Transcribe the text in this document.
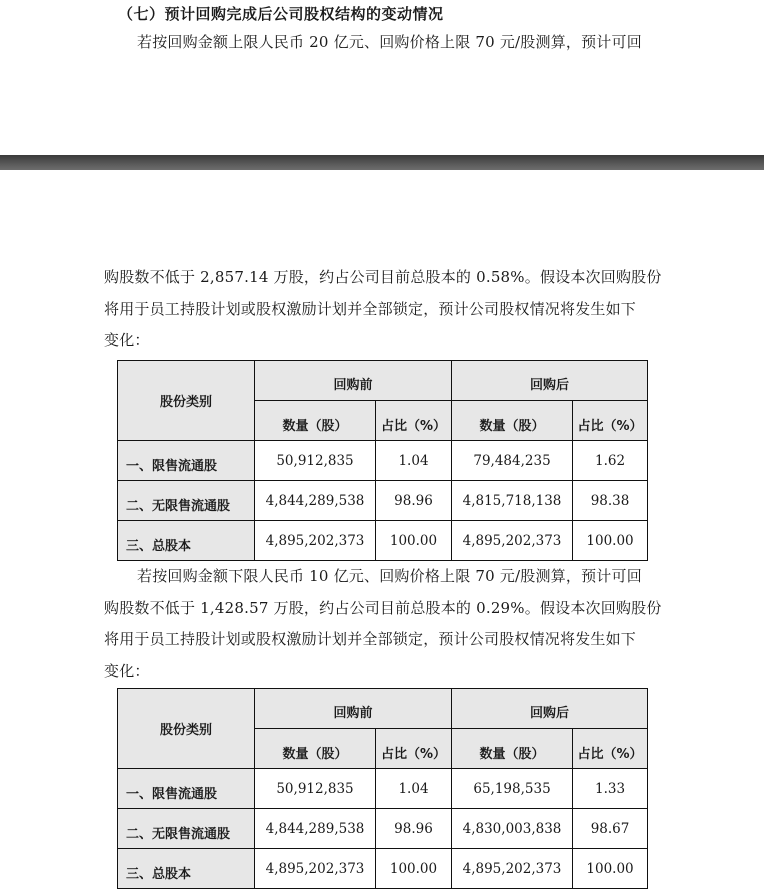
（七）预计回购完成后公司股权结构的变动情况
若按回购金额上限人民币 20 亿元、回购价格上限 70 元/股测算，预计可回
购股数不低于 2,857.14 万股，约占公司目前总股本的 0.58%。假设本次回购股份
将用于员工持股计划或股权激励计划并全部锁定，预计公司股权情况将发生如下
变化：
股份类别	回购前		回购后	
	数量（股）	占比（%）	数量（股）	占比（%）
一、限售流通股	50,912,835	1.04	79,484,235	1.62
二、无限售流通股	4,844,289,538	98.96	4,815,718,138	98.38
三、总股本	4,895,202,373	100.00	4,895,202,373	100.00
若按回购金额下限人民币 10 亿元、回购价格上限 70 元/股测算，预计可回
购股数不低于 1,428.57 万股，约占公司目前总股本的 0.29%。假设本次回购股份
将用于员工持股计划或股权激励计划并全部锁定，预计公司股权情况将发生如下
变化：
股份类别	回购前		回购后	
	数量（股）	占比（%）	数量（股）	占比（%）
一、限售流通股	50,912,835	1.04	65,198,535	1.33
二、无限售流通股	4,844,289,538	98.96	4,830,003,838	98.67
三、总股本	4,895,202,373	100.00	4,895,202,373	100.00
